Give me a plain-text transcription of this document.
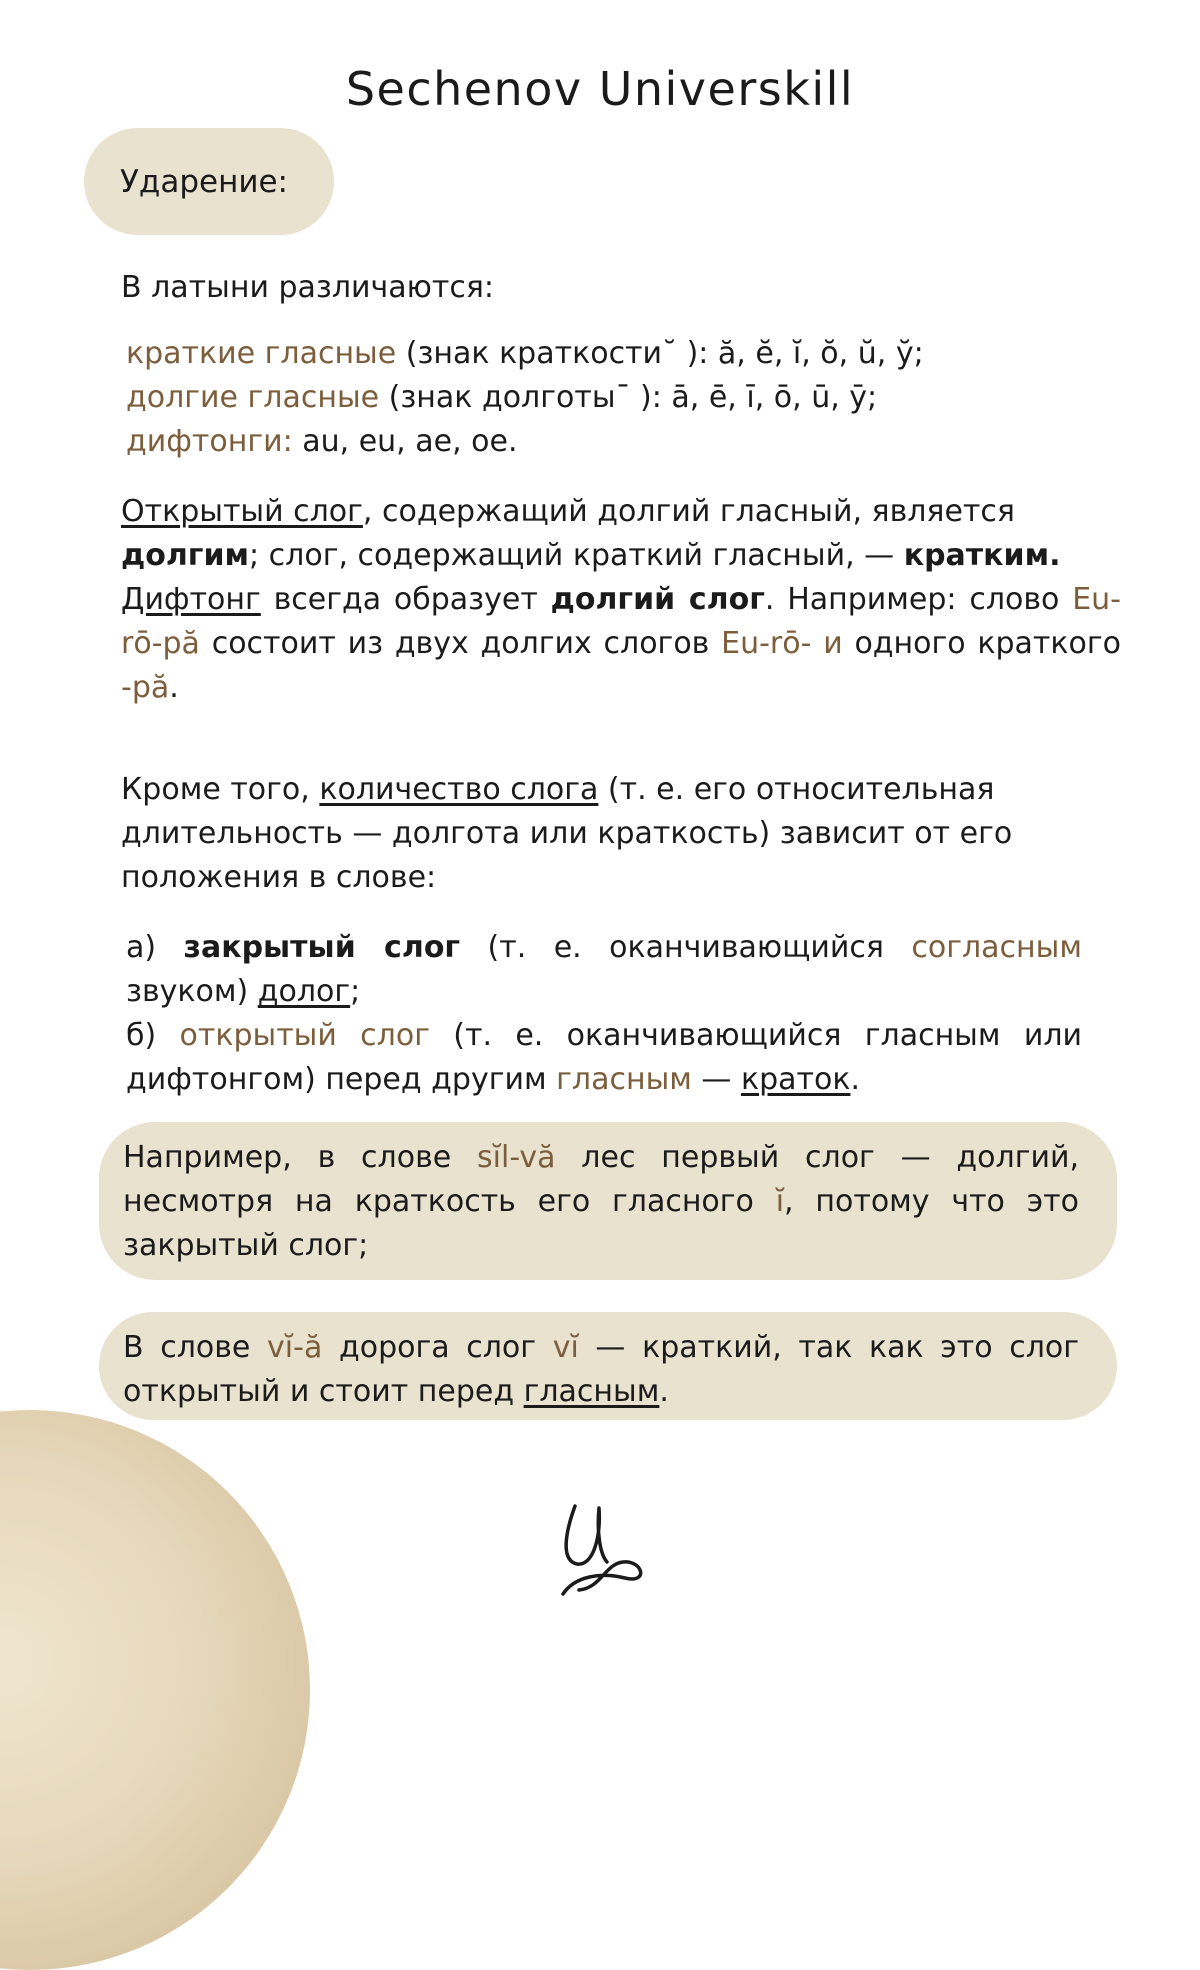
Sechenov Universkill
Ударение:

В латыни различаются:

краткие гласные (знак краткости˘ ): ă, ĕ, ĭ, ŏ, ŭ, y̆;

долгие гласные (знак долготы¯ ): ā, ē, ī, ō, ū, ȳ;

дифтонги: au, eu, ae, oe.

Открытый слог, содержащий долгий гласный, является долгим; слог, содержащий краткий гласный, — кратким.

Дифтонг всегда образует долгий слог. Например: слово Eu-rō-pă состоит из двух долгих слогов Eu-rō- и одного краткого -pă.

Кроме того, количество слога (т. е. его относительная длительность — долгота или краткость) зависит от его положения в слове:

а) закрытый слог (т. е. оканчивающийся согласным звуком) долог;

б) открытый слог (т. е. оканчивающийся гласным или дифтонгом) перед другим гласным — краток.

Например, в слове sĭl-vă лес первый слог — долгий, несмотря на краткость его гласного ĭ, потому что это закрытый слог;
В слове vĭ-ă дорога слог vĭ — краткий, так как это слог открытый и стоит перед гласным.
